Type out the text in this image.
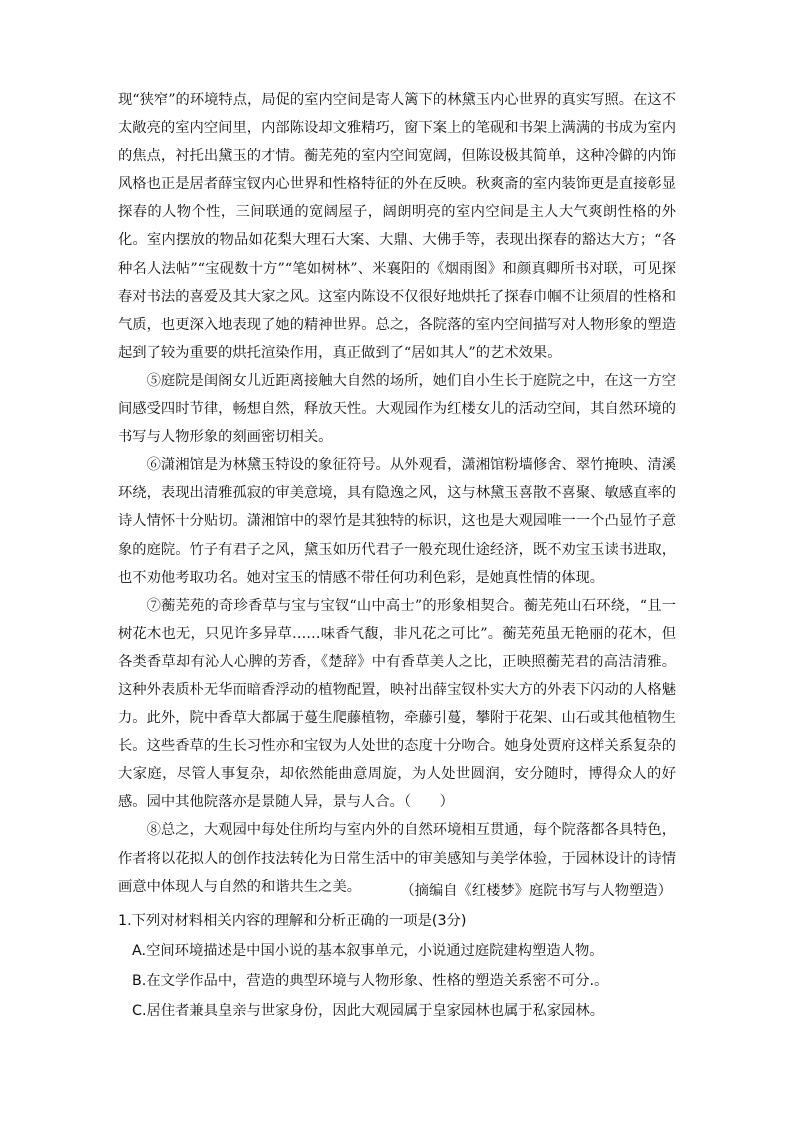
现“狭窄”的环境特点，局促的室内空间是寄人篱下的林黛玉内心世界的真实写照。在这不太敞亮的室内空间里，内部陈设却文雅精巧，窗下案上的笔砚和书架上满满的书成为室内的焦点，衬托出黛玉的才情。蘅芜苑的室内空间宽阔，但陈设极其简单，这种冷僻的内饰风格也正是居者薛宝钗内心世界和性格特征的外在反映。秋爽斋的室内装饰更是直接彰显探春的人物个性，三间联通的宽阔屋子，阔朗明亮的室内空间是主人大气爽朗性格的外化。室内摆放的物品如花梨大理石大案、大鼎、大佛手等，表现出探春的豁达大方；“各种名人法帖”“宝砚数十方”“笔如树林”、米襄阳的《烟雨图》和颜真卿所书对联，可见探春对书法的喜爱及其大家之风。这室内陈设不仅很好地烘托了探春巾帼不让须眉的性格和气质，也更深入地表现了她的精神世界。总之，各院落的室内空间描写对人物形象的塑造起到了较为重要的烘托渲染作用，真正做到了“居如其人”的艺术效果。

⑤庭院是闺阁女儿近距离接触大自然的场所，她们自小生长于庭院之中，在这一方空间感受四时节律，畅想自然，释放天性。大观园作为红楼女儿的活动空间，其自然环境的书写与人物形象的刻画密切相关。

⑥潇湘馆是为林黛玉特设的象征符号。从外观看，潇湘馆粉墙修舍、翠竹掩映、清溪环绕，表现出清雅孤寂的审美意境，具有隐逸之风，这与林黛玉喜散不喜聚、敏感直率的诗人情怀十分贴切。潇湘馆中的翠竹是其独特的标识，这也是大观园唯一一个凸显竹子意象的庭院。竹子有君子之风，黛玉如历代君子一般充现仕途经济，既不劝宝玉读书进取，也不劝他考取功名。她对宝玉的情感不带任何功利色彩，是她真性情的体现。

⑦蘅芜苑的奇珍香草与宝与宝钗“山中高士”的形象相契合。蘅芜苑山石环绕，“且一树花木也无，只见许多异草……味香气馥，非凡花之可比”。蘅芜苑虽无艳丽的花木，但各类香草却有沁人心脾的芳香，《楚辞》中有香草美人之比，正映照蘅芜君的高洁清雅。这种外表质朴无华而暗香浮动的植物配置，映衬出薛宝钗朴实大方的外表下闪动的人格魅力。此外，院中香草大都属于蔓生爬藤植物，牵藤引蔓，攀附于花架、山石或其他植物生长。这些香草的生长习性亦和宝钗为人处世的态度十分吻合。她身处贾府这样关系复杂的大家庭，尽管人事复杂，却依然能曲意周旋，为人处世圆润，安分随时，博得众人的好感。园中其他院落亦是景随人异，景与人合。（　　）

⑧总之，大观园中每处住所均与室内外的自然环境相互贯通，每个院落都各具特色，作者将以花拟人的创作技法转化为日常生活中的审美感知与美学体验，于园林设计的诗情画意中体现人与自然的和谐共生之美。	（摘编自《红楼梦》庭院书写与人物塑造）

1.下列对材料相关内容的理解和分析正确的一项是(3分)

A.空间环境描述是中国小说的基本叙事单元，小说通过庭院建构塑造人物。

B.在文学作品中，营造的典型环境与人物形象、性格的塑造关系密不可分.。

C.居住者兼具皇亲与世家身份，因此大观园属于皇家园林也属于私家园林。
